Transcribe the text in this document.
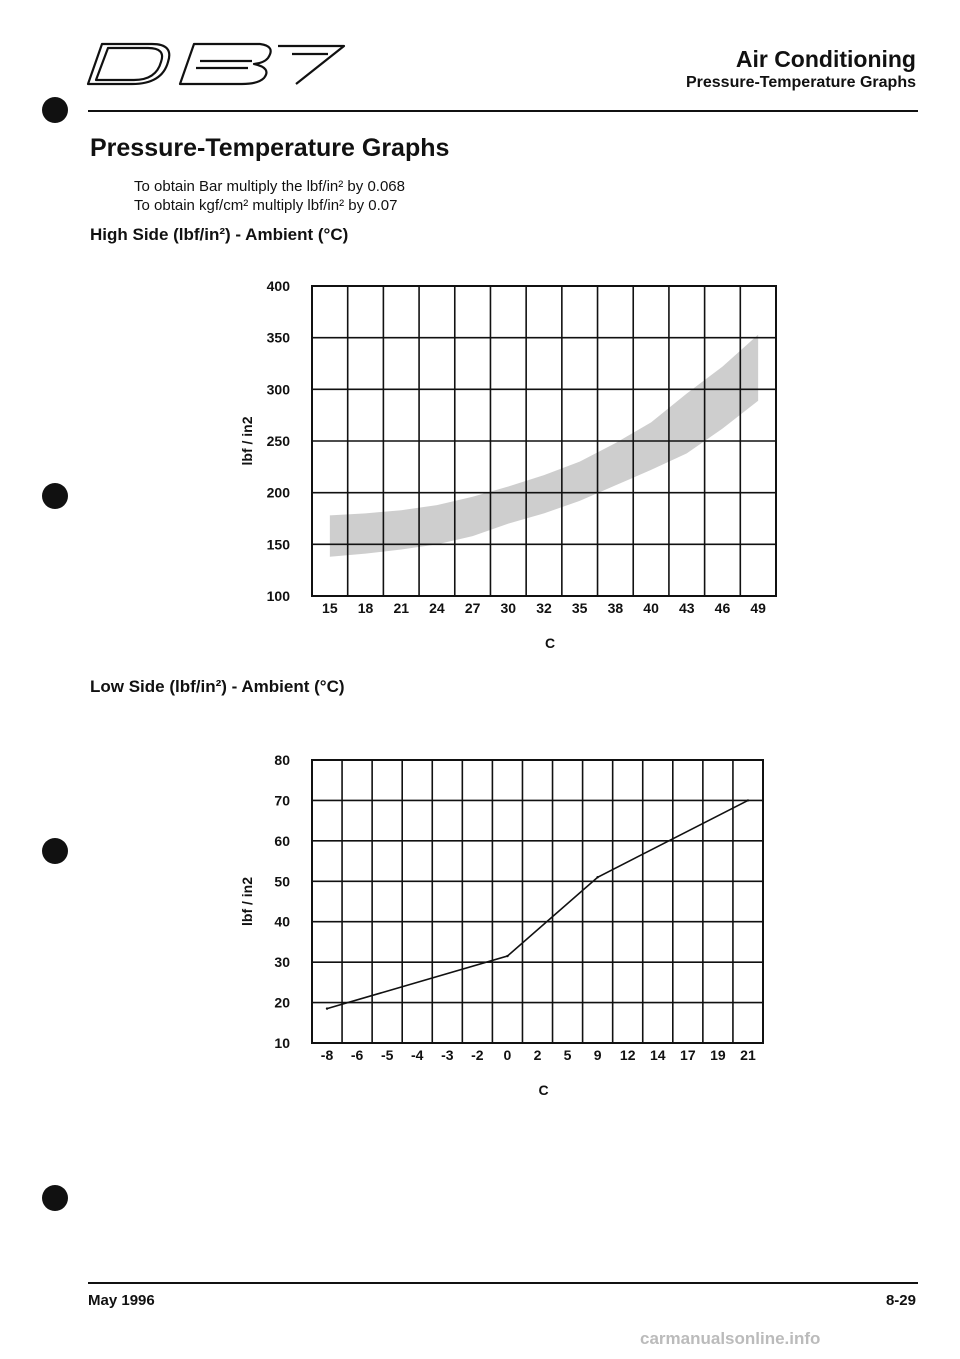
Air Conditioning
Pressure-Temperature Graphs
Pressure-Temperature Graphs
To obtain Bar multiply the lbf/in² by 0.068
To obtain kgf/cm² multiply lbf/in² by 0.07
High Side (lbf/in²) - Ambient (°C)
400
350
300
250
200
150
100
15 18 21 24 27 30 32 35 38 40 43 46 49
C
lbf / in2
Low Side (lbf/in²) - Ambient (°C)
80
70
60
50
40
30
20
10
-8 -6 -5 -4 -3 -2 0 2 5 9 12 14 17 19 21
C
lbf / in2
May 1996	8-29
carmanualsonline.info
